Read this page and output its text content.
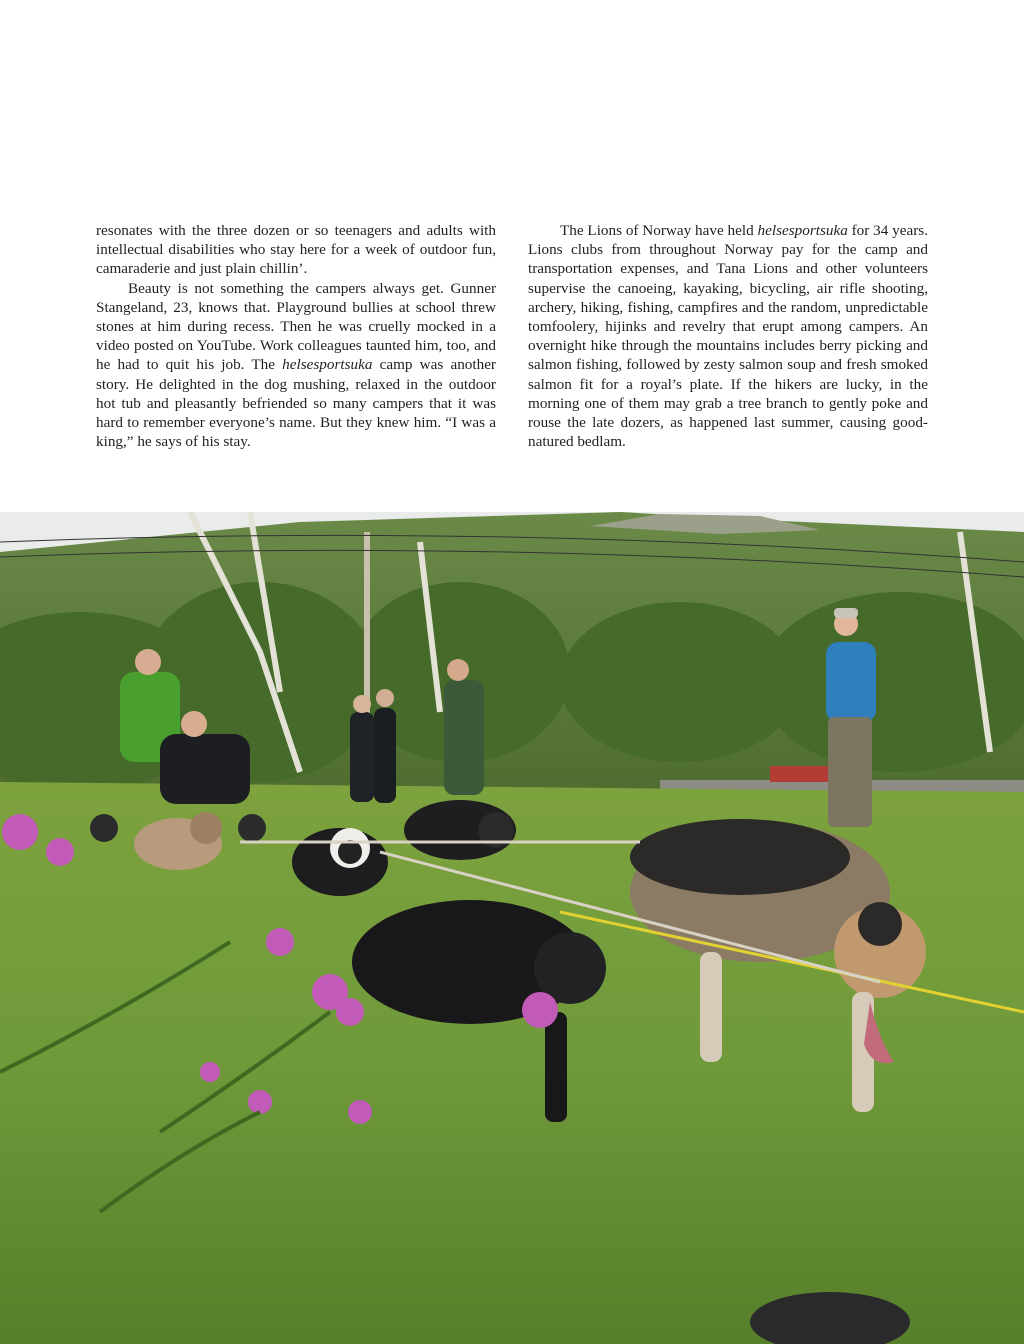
resonates with the three dozen or so teenagers and adults with intellectual disabilities who stay here for a week of outdoor fun, camaraderie and just plain chillin’.

Beauty is not something the campers always get. Gunner Stangeland, 23, knows that. Playground bullies at school threw stones at him during recess. Then he was cruelly mocked in a video posted on YouTube. Work colleagues taunted him, too, and he had to quit his job. The helsesportsuka camp was another story. He delighted in the dog mushing, relaxed in the outdoor hot tub and pleasantly befriended so many campers that it was hard to remember everyone’s name. But they knew him. “I was a king,” he says of his stay.

The Lions of Norway have held helsesportsuka for 34 years. Lions clubs from throughout Norway pay for the camp and transportation expenses, and Tana Lions and other volunteers supervise the canoeing, kayaking, bicycling, air rifle shooting, archery, hiking, fishing, campfires and the random, unpredictable tomfoolery, hijinks and revelry that erupt among campers. An overnight hike through the mountains includes berry picking and salmon fishing, followed by zesty salmon soup and fresh smoked salmon fit for a royal’s plate. If the hikers are lucky, in the morning one of them may grab a tree branch to gently poke and rouse the late dozers, as happened last summer, causing good-natured bedlam.
